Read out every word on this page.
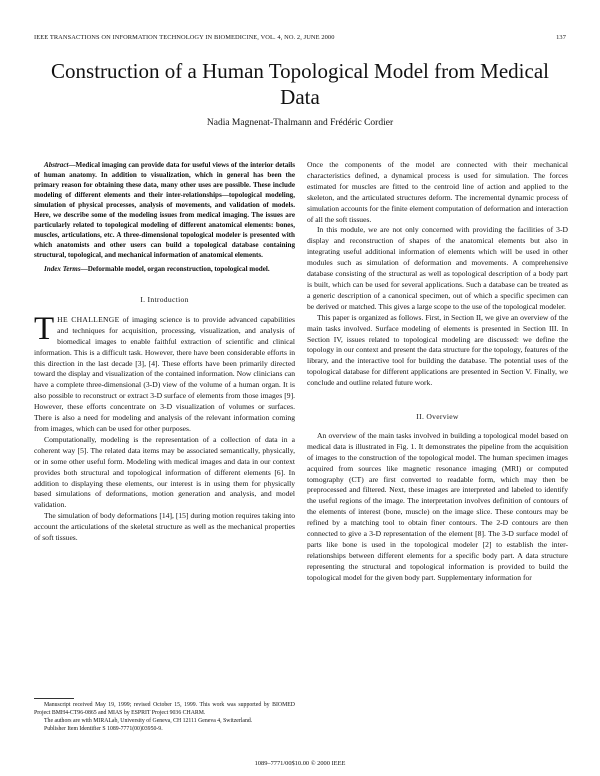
IEEE TRANSACTIONS ON INFORMATION TECHNOLOGY IN BIOMEDICINE, VOL. 4, NO. 2, JUNE 2000	137
Construction of a Human Topological Model from Medical Data
Nadia Magnenat-Thalmann and Frédéric Cordier

Abstract—Medical imaging can provide data for useful views of the interior details of human anatomy. In addition to visualization, which in general has been the primary reason for obtaining these data, many other uses are possible. These include modeling of different elements and their inter-relationships—topological modeling, simulation of physical processes, analysis of movements, and validation of models. Here, we describe some of the modeling issues from medical imaging. The issues are particularly related to topological modeling of different anatomical elements: bones, muscles, articulations, etc. A three-dimensional topological modeler is presented with which anatomists and other users can build a topological database containing structural, topological, and mechanical information of anatomical elements.

Index Terms—Deformable model, organ reconstruction, topological model.

I. Introduction

THE CHALLENGE of imaging science is to provide advanced capabilities and techniques for acquisition, processing, visualization, and analysis of biomedical images to enable faithful extraction of scientific and clinical information. This is a difficult task. However, there have been considerable efforts in this direction in the last decade [3], [4]. These efforts have been primarily directed toward the display and visualization of the contained information. Now clinicians can have a complete three-dimensional (3-D) view of the volume of a human organ. It is also possible to reconstruct or extract 3-D surface of elements from those images [9]. However, these efforts concentrate on 3-D visualization of volumes or surfaces. There is also a need for modeling and analysis of the relevant information coming from images, which can be used for other purposes.

Computationally, modeling is the representation of a collection of data in a coherent way [5]. The related data items may be associated semantically, physically, or in some other useful form. Modeling with medical images and data in our context provides both structural and topological information of different elements [6]. In addition to displaying these elements, our interest is in using them for physically based simulations of deformations, motion generation and analysis, and model validation.

The simulation of body deformations [14], [15] during motion requires taking into account the articulations of the skeletal structure as well as the mechanical properties of soft tissues.

Once the components of the model are connected with their mechanical characteristics defined, a dynamical process is used for simulation. The forces estimated for muscles are fitted to the centroid line of action and applied to the skeleton, and the articulated structures deform. The incremental dynamic process of simulation accounts for the finite element computation of deformation and interaction of all the soft tissues.

In this module, we are not only concerned with providing the facilities of 3-D display and reconstruction of shapes of the anatomical elements but also in integrating useful additional information of elements which will be used in other modules such as simulation of deformation and movements. A comprehensive database consisting of the structural as well as topological description of a body part is built, which can be used for several applications. Such a database can be treated as a generic description of a canonical specimen, out of which a specific specimen can be derived or matched. This gives a large scope to the use of the topological modeler.

This paper is organized as follows. First, in Section II, we give an overview of the main tasks involved. Surface modeling of elements is presented in Section III. In Section IV, issues related to topological modeling are discussed: we define the topology in our context and present the data structure for the topology, features of the library, and the interactive tool for building the database. The potential uses of the topological database for different applications are presented in Section V. Finally, we conclude and outline related future work.

II. Overview

An overview of the main tasks involved in building a topological model based on medical data is illustrated in Fig. 1. It demonstrates the pipeline from the acquisition of images to the construction of the topological model. The human specimen images acquired from sources like magnetic resonance imaging (MRI) or computed tomography (CT) are first converted to readable form, which may then be preprocessed and filtered. Next, these images are interpreted and labeled to identify the useful regions of the image. The interpretation involves definition of contours of the elements of interest (bone, muscle) on the image slice. These contours may be refined by a matching tool to obtain finer contours. The 2-D contours are then connected to give a 3-D representation of the element [8]. The 3-D surface model of parts like bone is used in the topological modeler [2] to establish the inter-relationships between different elements for a specific body part. A data structure representing the structural and topological information is provided to build the topological model for the given body part. Supplementary information for

Manuscript received May 19, 1999; revised October 15, 1999. This work was supported by BIOMED Project BMH4-CT96-0865 and MIAS by ESPRIT Project 9036 CHARM.
The authors are with MIRALab, University of Geneva, CH 12111 Geneva 4, Switzerland.
Publisher Item Identifier S 1089-7771(00)03950-9.
1089–7771/00$10.00 © 2000 IEEE
